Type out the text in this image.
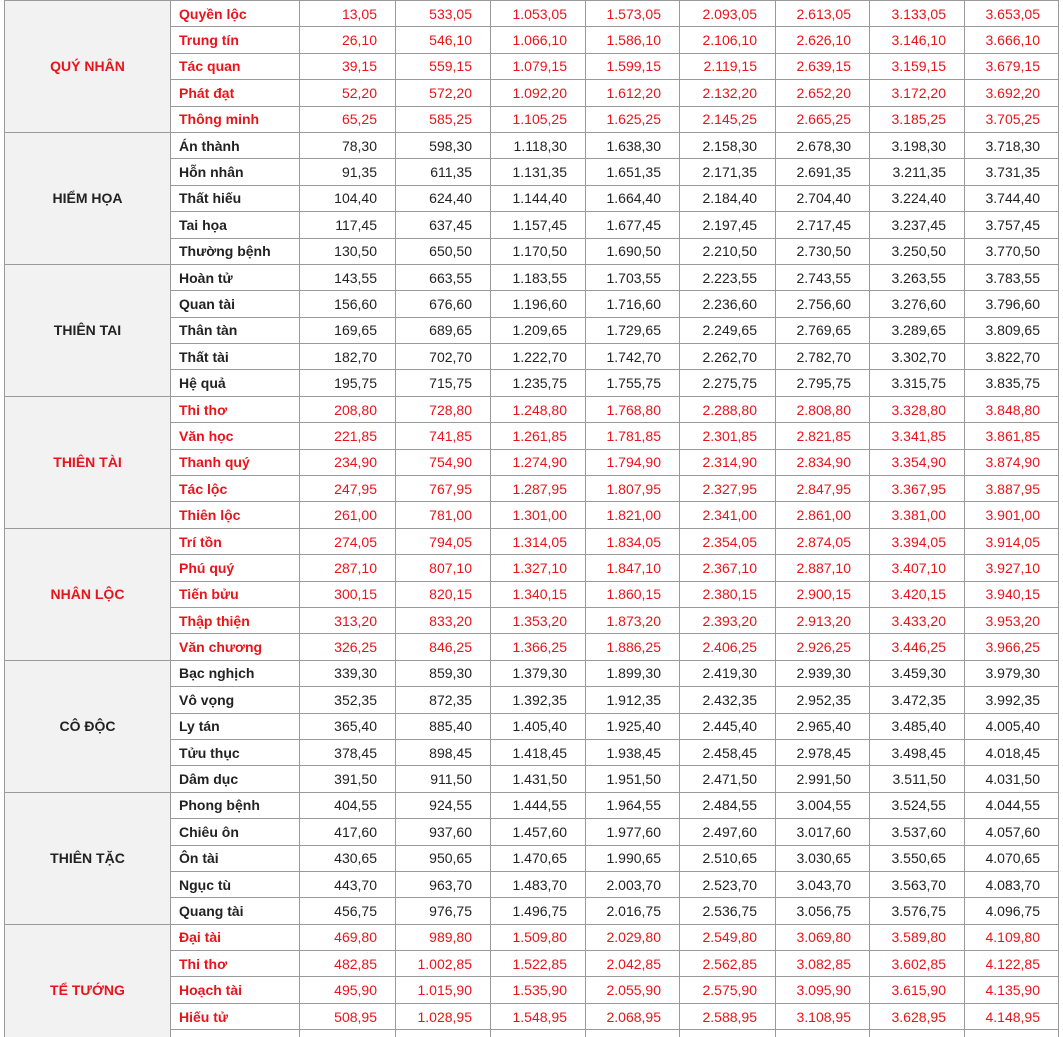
QUÝ NHÂN	Quyền lộc	13,05	533,05	1.053,05	1.573,05	2.093,05	2.613,05	3.133,05	3.653,05
	Trung tín	26,10	546,10	1.066,10	1.586,10	2.106,10	2.626,10	3.146,10	3.666,10
	Tác quan	39,15	559,15	1.079,15	1.599,15	2.119,15	2.639,15	3.159,15	3.679,15
	Phát đạt	52,20	572,20	1.092,20	1.612,20	2.132,20	2.652,20	3.172,20	3.692,20
	Thông minh	65,25	585,25	1.105,25	1.625,25	2.145,25	2.665,25	3.185,25	3.705,25
HIỂM HỌA	Án thành	78,30	598,30	1.118,30	1.638,30	2.158,30	2.678,30	3.198,30	3.718,30
	Hỗn nhân	91,35	611,35	1.131,35	1.651,35	2.171,35	2.691,35	3.211,35	3.731,35
	Thất hiếu	104,40	624,40	1.144,40	1.664,40	2.184,40	2.704,40	3.224,40	3.744,40
	Tai họa	117,45	637,45	1.157,45	1.677,45	2.197,45	2.717,45	3.237,45	3.757,45
	Thường bệnh	130,50	650,50	1.170,50	1.690,50	2.210,50	2.730,50	3.250,50	3.770,50
THIÊN TAI	Hoàn tử	143,55	663,55	1.183,55	1.703,55	2.223,55	2.743,55	3.263,55	3.783,55
	Quan tài	156,60	676,60	1.196,60	1.716,60	2.236,60	2.756,60	3.276,60	3.796,60
	Thân tàn	169,65	689,65	1.209,65	1.729,65	2.249,65	2.769,65	3.289,65	3.809,65
	Thất tài	182,70	702,70	1.222,70	1.742,70	2.262,70	2.782,70	3.302,70	3.822,70
	Hệ quả	195,75	715,75	1.235,75	1.755,75	2.275,75	2.795,75	3.315,75	3.835,75
THIÊN TÀI	Thi thơ	208,80	728,80	1.248,80	1.768,80	2.288,80	2.808,80	3.328,80	3.848,80
	Văn học	221,85	741,85	1.261,85	1.781,85	2.301,85	2.821,85	3.341,85	3.861,85
	Thanh quý	234,90	754,90	1.274,90	1.794,90	2.314,90	2.834,90	3.354,90	3.874,90
	Tác lộc	247,95	767,95	1.287,95	1.807,95	2.327,95	2.847,95	3.367,95	3.887,95
	Thiên lộc	261,00	781,00	1.301,00	1.821,00	2.341,00	2.861,00	3.381,00	3.901,00
NHÂN LỘC	Trí tồn	274,05	794,05	1.314,05	1.834,05	2.354,05	2.874,05	3.394,05	3.914,05
	Phú quý	287,10	807,10	1.327,10	1.847,10	2.367,10	2.887,10	3.407,10	3.927,10
	Tiến bửu	300,15	820,15	1.340,15	1.860,15	2.380,15	2.900,15	3.420,15	3.940,15
	Thập thiện	313,20	833,20	1.353,20	1.873,20	2.393,20	2.913,20	3.433,20	3.953,20
	Văn chương	326,25	846,25	1.366,25	1.886,25	2.406,25	2.926,25	3.446,25	3.966,25
CÔ ĐỘC	Bạc nghịch	339,30	859,30	1.379,30	1.899,30	2.419,30	2.939,30	3.459,30	3.979,30
	Vô vọng	352,35	872,35	1.392,35	1.912,35	2.432,35	2.952,35	3.472,35	3.992,35
	Ly tán	365,40	885,40	1.405,40	1.925,40	2.445,40	2.965,40	3.485,40	4.005,40
	Tửu thục	378,45	898,45	1.418,45	1.938,45	2.458,45	2.978,45	3.498,45	4.018,45
	Dâm dục	391,50	911,50	1.431,50	1.951,50	2.471,50	2.991,50	3.511,50	4.031,50
THIÊN TẶC	Phong bệnh	404,55	924,55	1.444,55	1.964,55	2.484,55	3.004,55	3.524,55	4.044,55
	Chiêu ôn	417,60	937,60	1.457,60	1.977,60	2.497,60	3.017,60	3.537,60	4.057,60
	Ôn tài	430,65	950,65	1.470,65	1.990,65	2.510,65	3.030,65	3.550,65	4.070,65
	Ngục tù	443,70	963,70	1.483,70	2.003,70	2.523,70	3.043,70	3.563,70	4.083,70
	Quang tài	456,75	976,75	1.496,75	2.016,75	2.536,75	3.056,75	3.576,75	4.096,75
TỂ TƯỚNG	Đại tài	469,80	989,80	1.509,80	2.029,80	2.549,80	3.069,80	3.589,80	4.109,80
	Thi thơ	482,85	1.002,85	1.522,85	2.042,85	2.562,85	3.082,85	3.602,85	4.122,85
	Hoạch tài	495,90	1.015,90	1.535,90	2.055,90	2.575,90	3.095,90	3.615,90	4.135,90
	Hiếu tử	508,95	1.028,95	1.548,95	2.068,95	2.588,95	3.108,95	3.628,95	4.148,95
